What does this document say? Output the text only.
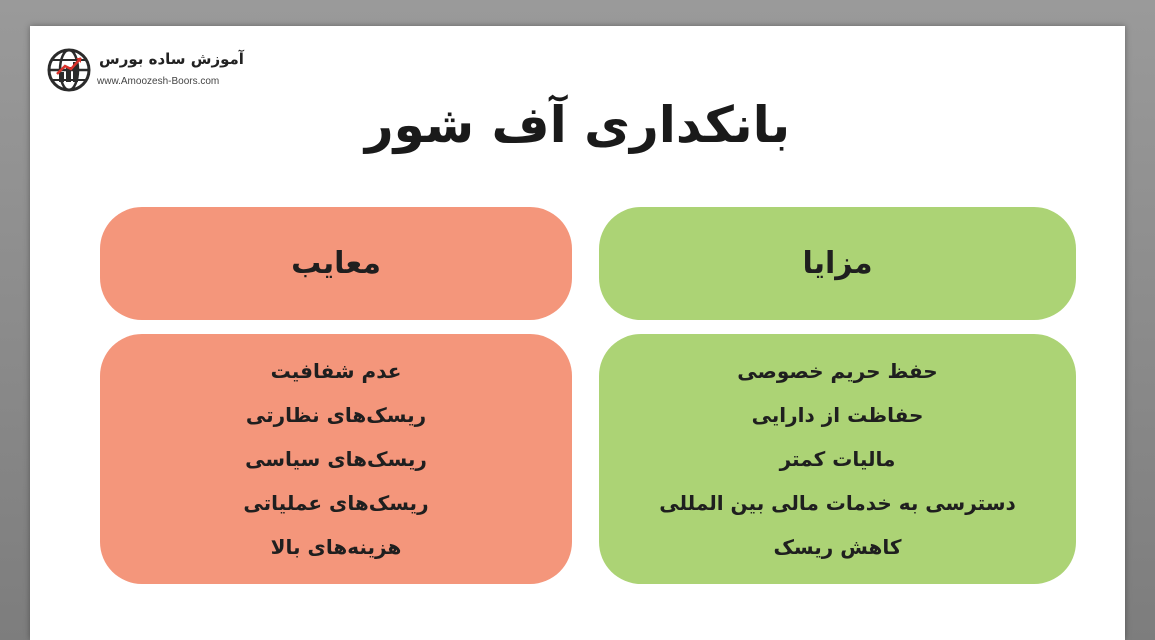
آموزش ساده بورس
www.Amoozesh-Boors.com
بانکداری آف شور
معایب	مزایا
عدم شفافیت
ریسک‌های نظارتی
ریسک‌های سیاسی
ریسک‌های عملیاتی
هزینه‌های بالا
حفظ حریم خصوصی
حفاظت از دارایی
مالیات کمتر
دسترسی به خدمات مالی بین المللی
کاهش ریسک
